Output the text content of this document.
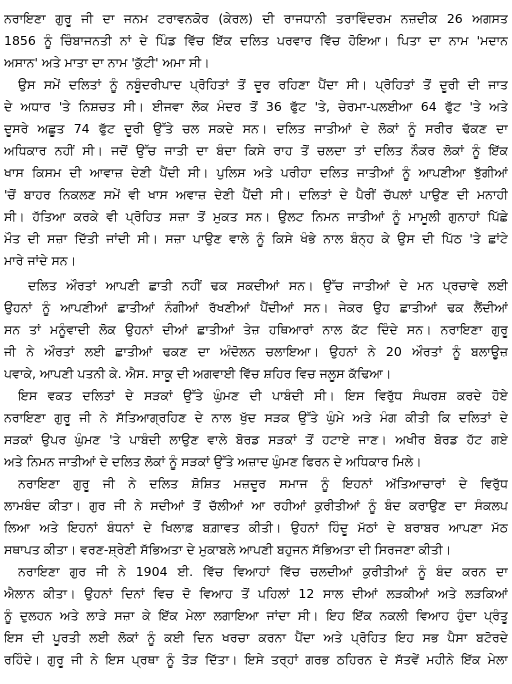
ਨਰਾਇਣਾ ਗੁਰੂ ਜੀ ਦਾ ਜਨਮ ਟਰਾਵਨਕੋਰ (ਕੇਰਲ) ਦੀ ਰਾਜਧਾਨੀ ਤਰਾਵਿੰਦਰਮ ਨਜ਼ਦੀਕ 26 ਅਗਸਤ
1856 ਨੂੰ ਚਿੰਬਾਜਨਤੀ ਨਾਂ ਦੇ ਪਿੰਡ ਵਿੱਚ ਇੱਕ ਦਲਿਤ ਪਰਵਾਰ ਵਿੱਚ ਹੋਇਆ। ਪਿਤਾ ਦਾ ਨਾਮ 'ਮਦਾਨ
ਅਸਾਨ' ਅਤੇ ਮਾਤਾ ਦਾ ਨਾਮ 'ਕੁੱਟੀ' ਅਮਾ ਸੀ।
ਉਸ ਸਮੇਂ ਦਲਿਤਾਂ ਨੂੰ ਨਬੂੰਦਰੀਪਾਦ ਪ੍ਰੋਹਿਤਾਂ ਤੋਂ ਦੂਰ ਰਹਿਣਾ ਪੈਂਦਾ ਸੀ। ਪ੍ਰੋਹਿਤਾਂ ਤੋਂ ਦੂਰੀ ਦੀ ਜਾਤ
ਦੇ ਅਧਾਰ 'ਤੇ ਨਿਸ਼ਚਤ ਸੀ। ਈਜਵਾ ਲੋਕ ਮੰਦਰ ਤੋਂ 36 ਫੁੱਟ 'ਤੇ, ਚੇਰਮਾ-ਪਲਈਆ 64 ਫੁੱਟ 'ਤੇ ਅਤੇ
ਦੂਸਰੇ ਅਛੂਤ 74 ਫੁੱਟ ਦੂਰੀ ਉੱਤੇ ਚਲ ਸਕਦੇ ਸਨ। ਦਲਿਤ ਜਾਤੀਆਂ ਦੇ ਲੋਕਾਂ ਨੂੰ ਸਰੀਰ ਢੱਕਣ ਦਾ
ਅਧਿਕਾਰ ਨਹੀਂ ਸੀ। ਜਦੋਂ ਉੱਚ ਜਾਤੀ ਦਾ ਬੰਦਾ ਕਿਸੇ ਰਾਹ ਤੋਂ ਚਲਦਾ ਤਾਂ ਦਲਿਤ ਨੌਕਰ ਲੋਕਾਂ ਨੂੰ ਇੱਕ
ਖਾਸ ਕਿਸਮ ਦੀ ਆਵਾਜ਼ ਦੇਣੀ ਪੈਂਦੀ ਸੀ। ਪੁਲਿਸ ਅਤੇ ਪਰੀਹਾ ਦਲਿਤ ਜਾਤੀਆਂ ਨੂੰ ਆਪਣੀਆ ਝੁੱਗੀਆਂ
'ਚੋਂ ਬਾਹਰ ਨਿਕਲਣ ਸਮੇਂ ਵੀ ਖਾਸ ਅਵਾਜ਼ ਦੇਣੀ ਪੈਂਦੀ ਸੀ। ਦਲਿਤਾਂ ਦੇ ਪੈਰੀਂ ਚੱਪਲਾਂ ਪਾਉਣ ਦੀ ਮਨਾਹੀ
ਸੀ। ਹੱਤਿਆ ਕਰਕੇ ਵੀ ਪ੍ਰੋਹਿਤ ਸਜ਼ਾ ਤੋਂ ਮੁਕਤ ਸਨ। ਉਲਟ ਨਿਮਨ ਜਾਤੀਆਂ ਨੂੰ ਮਾਮੂਲੀ ਗੁਨਾਹਾਂ ਪਿੱਛੇ
ਮੌਤ ਦੀ ਸਜ਼ਾ ਦਿੱਤੀ ਜਾਂਦੀ ਸੀ। ਸਜ਼ਾ ਪਾਉਣ ਵਾਲੇ ਨੂੰ ਕਿਸੇ ਖੰਭੇ ਨਾਲ ਬੰਨ੍ਹ ਕੇ ਉਸ ਦੀ ਪਿੱਠ 'ਤੇ ਛਾਂਟੇ
ਮਾਰੇ ਜਾਂਦੇ ਸਨ।
ਦਲਿਤ ਔਰਤਾਂ ਆਪਣੀ ਛਾਤੀ ਨਹੀਂ ਢਕ ਸਕਦੀਆਂ ਸਨ। ਉੱਚ ਜਾਤੀਆਂ ਦੇ ਮਨ ਪ੍ਰਚਾਵੇ ਲਈ
ਉਹਨਾਂ ਨੂੰ ਆਪਣੀਆਂ ਛਾਤੀਆਂ ਨੰਗੀਆਂ ਰੱਖਣੀਆਂ ਪੈਂਦੀਆਂ ਸਨ। ਜੇਕਰ ਉਹ ਛਾਤੀਆਂ ਢਕ ਲੈਂਦੀਆਂ
ਸਨ ਤਾਂ ਮਨੂੰਵਾਦੀ ਲੋਕ ਉਹਨਾਂ ਦੀਆਂ ਛਾਤੀਆਂ ਤੇਜ਼ ਹਥਿਆਰਾਂ ਨਾਲ ਕੱਟ ਦਿੰਦੇ ਸਨ। ਨਰਾਇਣਾ ਗੁਰੂ
ਜੀ ਨੇ ਔਰਤਾਂ ਲਈ ਛਾਤੀਆਂ ਢਕਣ ਦਾ ਅੰਦੋਲਨ ਚਲਾਇਆ। ਉਹਨਾਂ ਨੇ 20 ਔਰਤਾਂ ਨੂੰ ਬਲਾਊਜ਼
ਪਵਾਕੇ, ਆਪਣੀ ਪਤਨੀ ਕੇ. ਐਸ. ਸਾਕੂ ਦੀ ਅਗਵਾਈ ਵਿੱਚ ਸ਼ਹਿਰ ਵਿਚ ਜਲੂਸ ਕੱਢਿਆ।
ਇਸ ਵਕਤ ਦਲਿਤਾਂ ਦੇ ਸੜਕਾਂ ਉੱਤੇ ਘੁੰਮਣ ਦੀ ਪਾਬੰਦੀ ਸੀ। ਇਸ ਵਿਰੁੱਧ ਸੰਘਰਸ਼ ਕਰਦੇ ਹੋਏ
ਨਰਾਇਣਾ ਗੁਰੂ ਜੀ ਨੇ ਸੱਤਿਆਗ੍ਰਹਿਣ ਦੇ ਨਾਲ ਖੁੱਦ ਸੜਕ ਉੱਤੇ ਘੁੰਮੇ ਅਤੇ ਮੰਗ ਕੀਤੀ ਕਿ ਦਲਿਤਾਂ ਦੇ
ਸੜਕਾਂ ਉਪਰ ਘੁੰਮਣ 'ਤੇ ਪਾਬੰਦੀ ਲਾਉਣ ਵਾਲੇ ਬੋਰਡ ਸੜਕਾਂ ਤੋਂ ਹਟਾਏ ਜਾਣ। ਅਖੀਰ ਬੋਰਡ ਹੱਟ ਗਏ
ਅਤੇ ਨਿਮਨ ਜਾਤੀਆਂ ਦੇ ਦਲਿਤ ਲੋਕਾਂ ਨੂੰ ਸੜਕਾਂ ਉੱਤੇ ਅਜ਼ਾਦ ਘੁੰਮਣ ਫਿਰਨ ਦੇ ਅਧਿਕਾਰ ਮਿਲੇ।
ਨਰਾਇਣਾ ਗੁਰੂ ਜੀ ਨੇ ਦਲਿਤ ਸ਼ੋਸ਼ਿਤ ਮਜ਼ਦੂਰ ਸਮਾਜ ਨੂੰ ਇਹਨਾਂ ਅੱਤਿਆਚਾਰਾਂ ਦੇ ਵਿਰੁੱਧ
ਲਾਮਬੰਦ ਕੀਤਾ। ਗੁਰ ਜੀ ਨੇ ਸਦੀਆਂ ਤੋਂ ਚੱਲੀਆਂ ਆ ਰਹੀਆਂ ਕੁਰੀਤੀਆਂ ਨੂੰ ਬੰਦ ਕਰਾਉਣ ਦਾ ਸੰਕਲਪ
ਲਿਆ ਅਤੇ ਇਹਨਾਂ ਬੰਧਨਾਂ ਦੇ ਖਿਲਾਫ਼ ਬਗ਼ਾਵਤ ਕੀਤੀ। ਉਹਨਾਂ ਹਿੰਦੂ ਮੱਠਾਂ ਦੇ ਬਰਾਬਰ ਆਪਣਾ ਮੱਠ
ਸਥਾਪਤ ਕੀਤਾ। ਵਰਣ-ਸ਼੍ਰੇਣੀ ਸੱਭਿਅਤਾ ਦੇ ਮੁਕਾਬਲੇ ਆਪਣੀ ਬਹੁਜਨ ਸੱਭਿਅਤਾ ਦੀ ਸਿਰਜਣਾ ਕੀਤੀ।
ਨਰਾਇਣਾ ਗੁਰ ਜੀ ਨੇ 1904 ਈ. ਵਿੱਚ ਵਿਆਹਾਂ ਵਿੱਚ ਚਲਦੀਆਂ ਕੁਰੀਤੀਆਂ ਨੂੰ ਬੰਦ ਕਰਨ ਦਾ
ਐਲਾਨ ਕੀਤਾ। ਉਹਨਾਂ ਦਿਨਾਂ ਵਿਚ ਦੋ ਵਿਆਹ ਤੋਂ ਪਹਿਲਾਂ 12 ਸਾਲ ਦੀਆਂ ਲੜਕੀਆਂ ਅਤੇ ਲੜਕਿਆਂ
ਨੂੰ ਦੁਲਹਨ ਅਤੇ ਲਾੜੇ ਸਜ਼ਾ ਕੇ ਇੱਕ ਮੇਲਾ ਲਗਾਇਆ ਜਾਂਦਾ ਸੀ। ਇਹ ਇੱਕ ਨਕਲੀ ਵਿਆਹ ਹੁੰਦਾ ਪ੍ਰੰਤੂ
ਇਸ ਦੀ ਪੂਰਤੀ ਲਈ ਲੋਕਾਂ ਨੂੰ ਕਈ ਦਿਨ ਖਰਚਾ ਕਰਨਾ ਪੈਂਦਾ ਅਤੇ ਪ੍ਰੋਹਿਤ ਇਹ ਸਭ ਪੈਸਾ ਬਟੋਰਦੇ
ਰਹਿੰਦੇ। ਗੁਰੂ ਜੀ ਨੇ ਇਸ ਪ੍ਰਥਾ ਨੂੰ ਤੋੜ ਦਿੱਤਾ। ਇਸੇ ਤਰ੍ਹਾਂ ਗਰਭ ਠਹਿਰਨ ਦੇ ਸੱਤਵੇਂ ਮਹੀਨੇ ਇੱਕ ਮੇਲਾ
